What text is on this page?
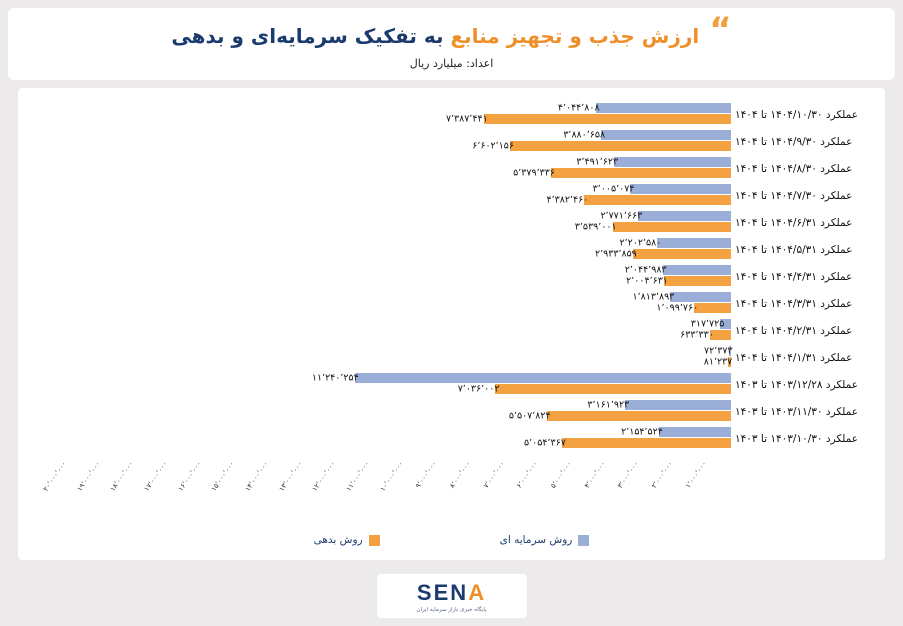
“
ارزش جذب و تجهیز منابع به تفکیک سرمایه‌ای و بدهی
اعداد: میلیارد ریال
عملکرد ۱۴۰۴/۱۰/۳۰ تا ۱۴۰۴
۴٬۰۴۴٬۸۰۸
۷٬۳۸۷٬۴۴۱
عملکرد ۱۴۰۴/۹/۳۰ تا ۱۴۰۴
۳٬۸۸۰٬۶۵۸
۶٬۶۰۲٬۱۵۶
عملکرد ۱۴۰۴/۸/۳۰ تا ۱۴۰۴
۳٬۴۹۱٬۶۲۳
۵٬۳۷۹٬۳۳۶
عملکرد ۱۴۰۴/۷/۳۰ تا ۱۴۰۴
۳٬۰۰۵٬۰۷۴
۴٬۳۸۲٬۴۶۰
عملکرد ۱۴۰۴/۶/۳۱ تا ۱۴۰۴
۲٬۷۷۱٬۶۶۳
۳٬۵۳۹٬۰۰۱
عملکرد ۱۴۰۴/۵/۳۱ تا ۱۴۰۴
۲٬۲۰۲٬۵۸۰
۲٬۹۳۳٬۸۵۹
عملکرد ۱۴۰۴/۴/۳۱ تا ۱۴۰۴
۲٬۰۴۴٬۹۸۳
۲٬۰۰۴٬۶۳۱
عملکرد ۱۴۰۴/۳/۳۱ تا ۱۴۰۴
۱٬۸۱۳٬۸۹۳
۱٬۰۹۹٬۷۶۰
عملکرد ۱۴۰۴/۲/۳۱ تا ۱۴۰۴
۳۱۷٬۷۲۵
۶۳۳٬۳۳۰
عملکرد ۱۴۰۴/۱/۳۱ تا ۱۴۰۴
۷۲٬۳۷۳
۸۱٬۲۳۷
عملکرد ۱۴۰۳/۱۲/۲۸ تا ۱۴۰۳
۱۱٬۲۴۰٬۲۵۴
۷٬۰۳۶٬۰۰۲
عملکرد ۱۴۰۳/۱۱/۳۰ تا ۱۴۰۳
۳٬۱۶۱٬۹۲۳
۵٬۵۰۷٬۸۲۴
عملکرد ۱۴۰۳/۱۰/۳۰ تا ۱۴۰۳
۲٬۱۵۴٬۵۲۴
۵٬۰۵۴٬۳۶۷
۱٬۰۰۰٬۰۰۰
۲٬۰۰۰٬۰۰۰
۳٬۰۰۰٬۰۰۰
۴٬۰۰۰٬۰۰۰
۵٬۰۰۰٬۰۰۰
۶٬۰۰۰٬۰۰۰
۷٬۰۰۰٬۰۰۰
۸٬۰۰۰٬۰۰۰
۹٬۰۰۰٬۰۰۰
۱۰٬۰۰۰٬۰۰۰
۱۱٬۰۰۰٬۰۰۰
۱۲٬۰۰۰٬۰۰۰
۱۳٬۰۰۰٬۰۰۰
۱۴٬۰۰۰٬۰۰۰
۱۵٬۰۰۰٬۰۰۰
۱۶٬۰۰۰٬۰۰۰
۱۷٬۰۰۰٬۰۰۰
۱۸٬۰۰۰٬۰۰۰
۱۹٬۰۰۰٬۰۰۰
۲۰٬۰۰۰٬۰۰۰
روش سرمایه ای
روش بدهی
SENA
پایگاه خبری بازار سرمایه ایران
